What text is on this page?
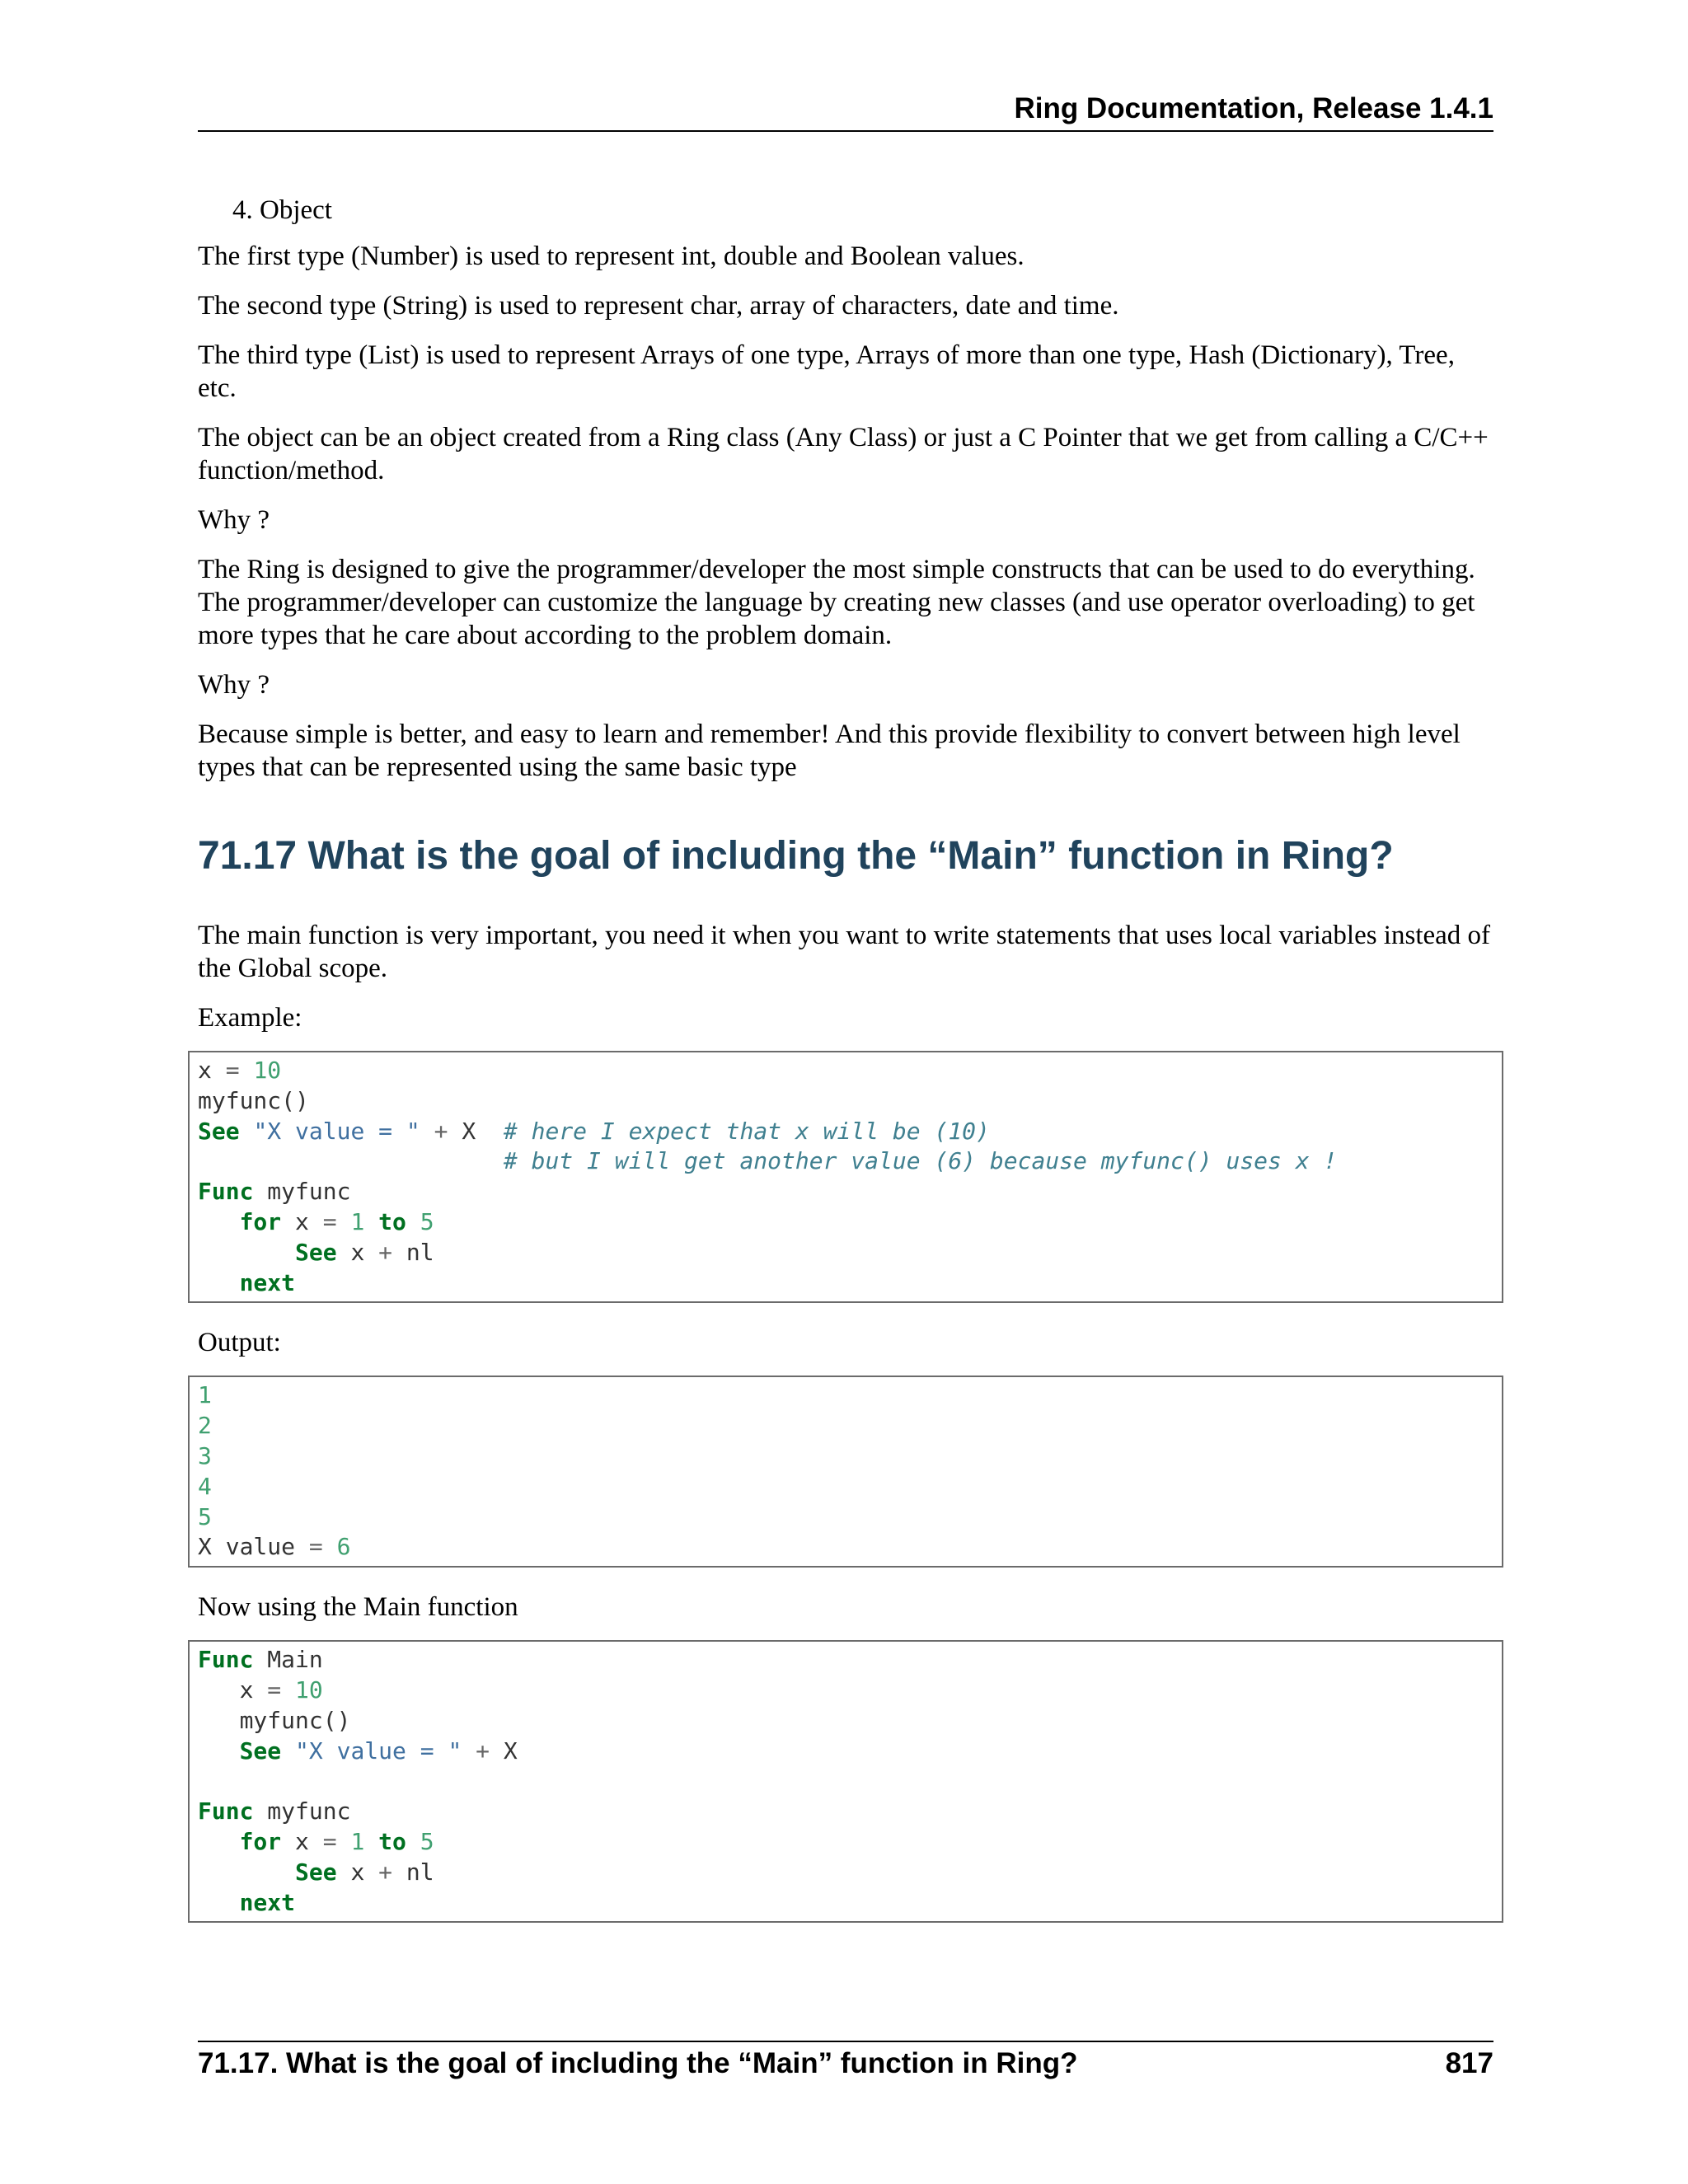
Ring Documentation, Release 1.4.1
4. Object

The first type (Number) is used to represent int, double and Boolean values.

The second type (String) is used to represent char, array of characters, date and time.

The third type (List) is used to represent Arrays of one type, Arrays of more than one type, Hash (Dictionary), Tree, etc.

The object can be an object created from a Ring class (Any Class) or just a C Pointer that we get from calling a C/C++ function/method.

Why ?

The Ring is designed to give the programmer/developer the most simple constructs that can be used to do everything. The programmer/developer can customize the language by creating new classes (and use operator overloading) to get more types that he care about according to the problem domain.

Why ?

Because simple is better, and easy to learn and remember! And this provide flexibility to convert between high level types that can be represented using the same basic type

71.17 What is the goal of including the “Main” function in Ring?

The main function is very important, you need it when you want to write statements that uses local variables instead of the Global scope.

Example:

x = 10
myfunc()
See "X value = " + X # here I expect that x will be (10)
# but I will get another value (6) because myfunc() uses x !
Func myfunc
for x = 1 to 5
See x + nl
next

Output:

1
2
3
4
5
X value = 6

Now using the Main function

Func Main
x = 10
myfunc()
See "X value = " + X

Func myfunc
for x = 1 to 5
See x + nl
next
71.17. What is the goal of including the “Main” function in Ring?	817
